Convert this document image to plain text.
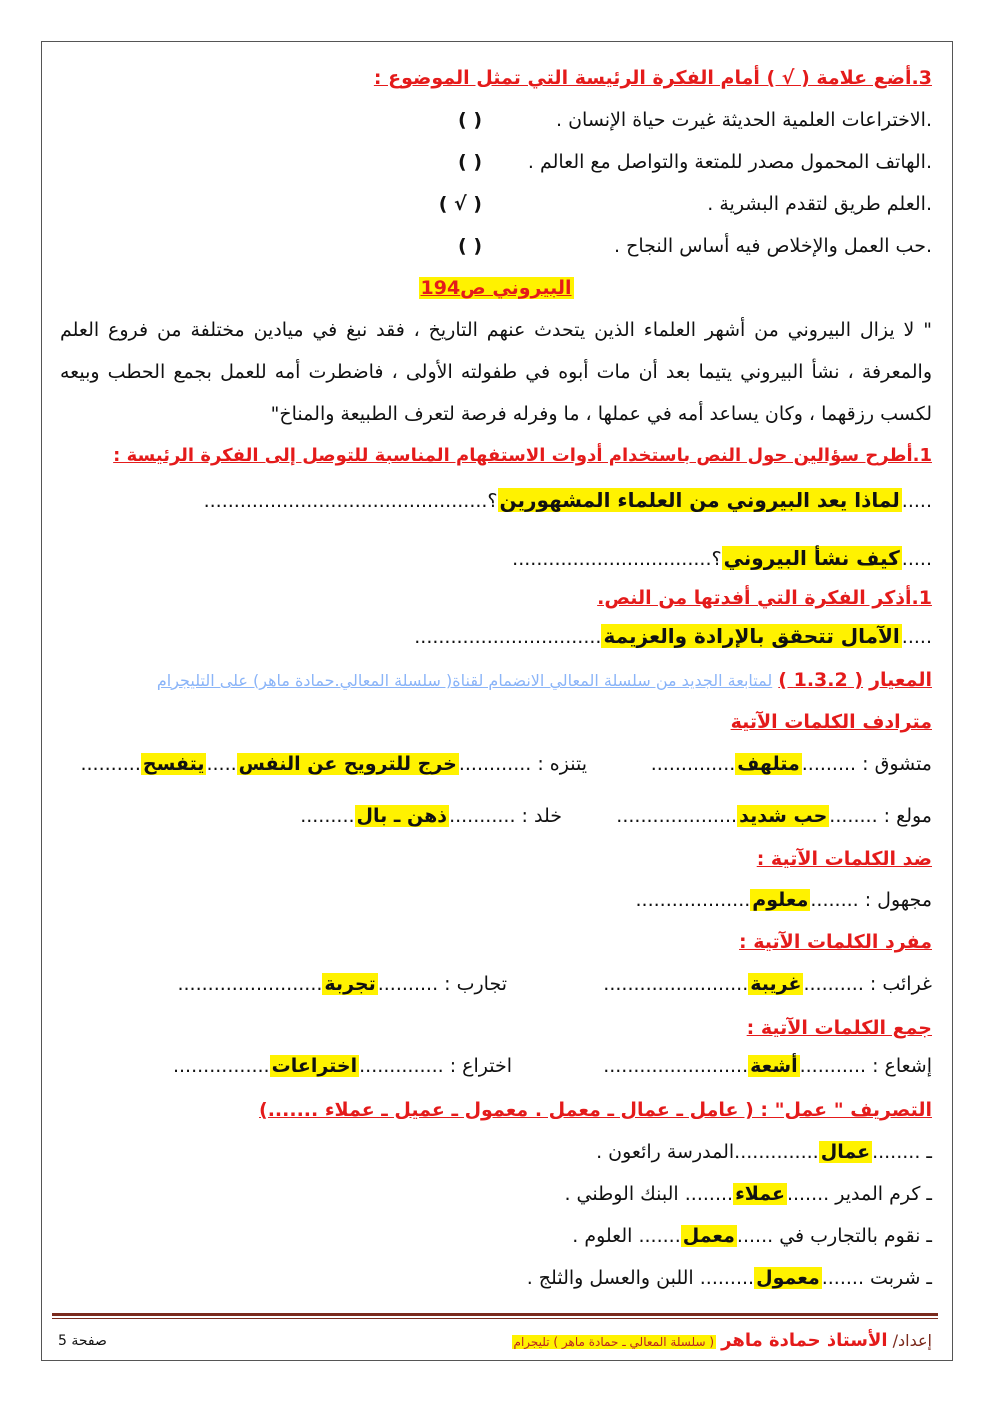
3.أضع علامة ( √ ) أمام الفكرة الرئيسة التي تمثل الموضوع :
.الاختراعات العلمية الحديثة غيرت حياة الإنسان .
( )
.الهاتف المحمول مصدر للمتعة والتواصل مع العالم .
( )
.العلم طريق لتقدم البشرية .
( √ )
.حب العمل والإخلاص فيه أساس النجاح .
( )
البيروني ص194
" لا يزال البيروني من أشهر العلماء الذين يتحدث عنهم التاريخ ، فقد نبغ في ميادين مختلفة من فروع العلم
والمعرفة ، نشأ البيروني يتيما بعد أن مات أبوه في طفولته الأولى ، فاضطرت أمه للعمل بجمع الحطب وبيعه
لكسب رزقهما ، وكان يساعد أمه في عملها ، ما وفرله فرصة لتعرف الطبيعة والمناخ"
1.أطرح سؤالين حول النص باستخدام أدوات الاستفهام المناسبة للتوصل إلى الفكرة الرئيسة :
.....لماذا يعد البيروني من العلماء المشهورين؟...............................................
.....كيف نشأ البيروني؟.................................
1.أذكر الفكرة التي أفدتها من النص.
.....الآمال تتحقق بالإرادة والعزيمة...............................
المعيار ( 1.3.2 ) لمتابعة الجديد من سلسلة المعالي الانضمام لقناة( سلسلة المعالي.حمادة ماهر) على التليجرام
مترادف الكلمات الآتية
متشوق : .........متلهف..............
يتنزه : ............خرج للترويح عن النفس.....يتفسح..........
مولع : ........حب شديد....................
خلد : ...........ذهن ـ بال.........
ضد الكلمات الآتية :
مجهول : ........معلوم...................
مفرد الكلمات الآتية :
غرائب : ..........غريبة........................
تجارب : ..........تجربة........................
جمع الكلمات الآتية :
إشعاع : ...........أشعة........................
اختراع : ..............اختراعات................
التصريف " عمل" : ( عامل ـ عمال ـ معمل . معمول ـ عميل ـ عملاء .......)
ـ ........عمال..............المدرسة رائعون .
ـ كرم المدير .......عملاء........ البنك الوطني .
ـ نقوم بالتجارب في ......معمل....... العلوم .
ـ شربت .......معمول......... اللبن والعسل والثلج .
إعداد/ الأستاذ حمادة ماهر ( سلسلة المعالي ـ حمادة ماهر ) تليجرام
صفحة 5
